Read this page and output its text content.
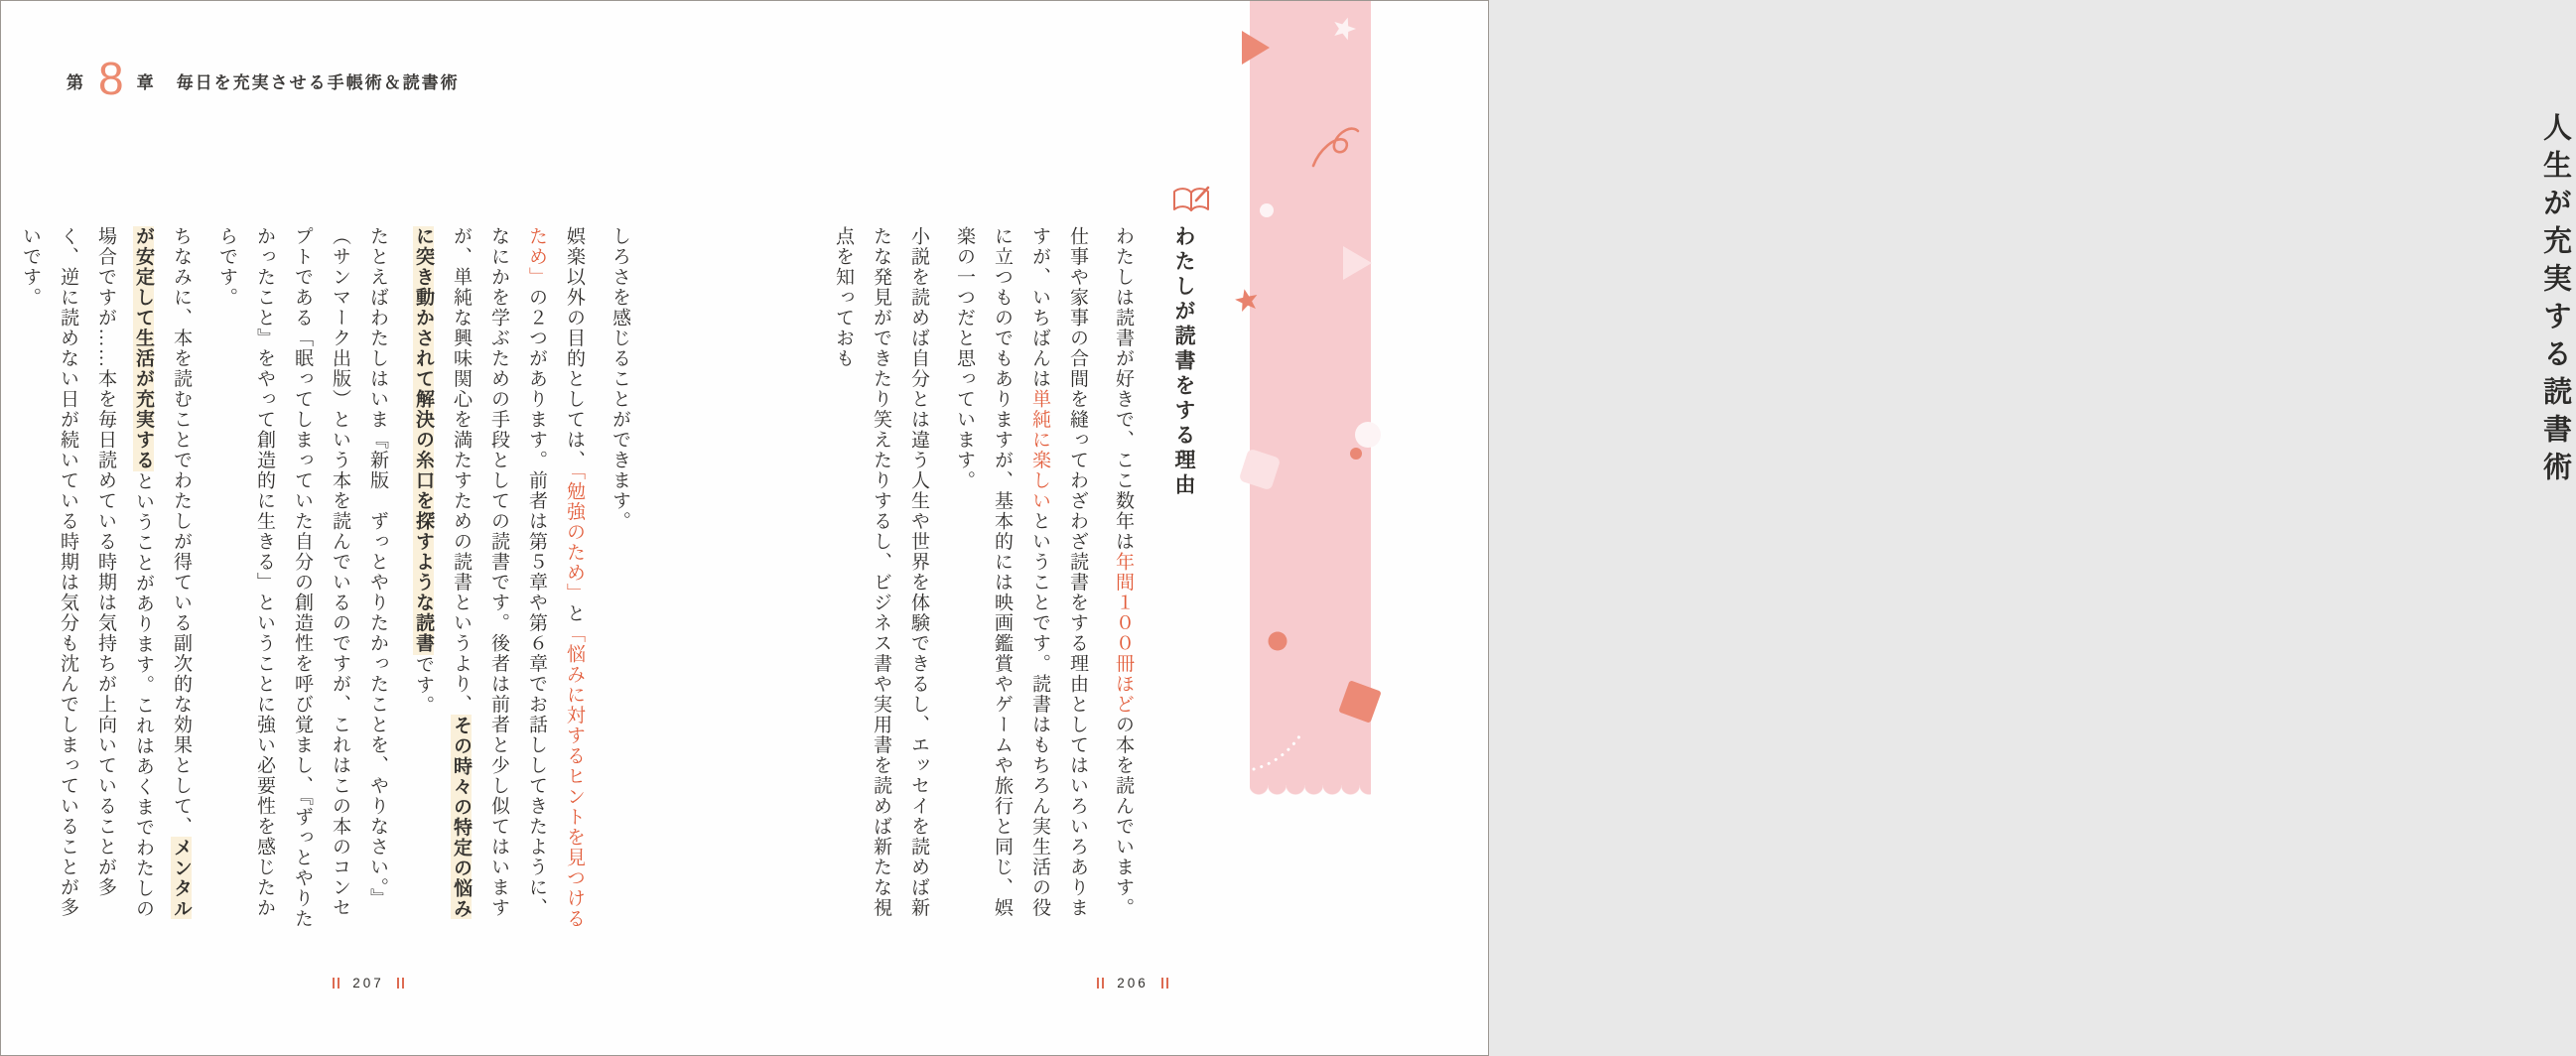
第 8 章 毎日を充実させる手帳術＆読書術
人生が充実する読書術
わたしが読書をする理由

わたしは読書が好きで、ここ数年は年間１００冊ほどの本を読んでいます。

仕事や家事の合間を縫ってわざわざ読書をする理由としてはいろいろありますが、いちばんは単純に楽しいということです。読書はもちろん実生活の役に立つものでもありますが、基本的には映画鑑賞やゲームや旅行と同じ、娯楽の一つだと思っています。

小説を読めば自分とは違う人生や世界を体験できるし、エッセイを読めば新たな発見ができたり笑えたりするし、ビジネス書や実用書を読めば新たな視点を知っておも

しろさを感じることができます。

娯楽以外の目的としては、「勉強のため」と「悩みに対するヒントを見つけるため」の２つがあります。前者は第５章や第６章でお話ししてきたように、なにかを学ぶための手段としての読書です。後者は前者と少し似てはいますが、単純な興味関心を満たすための読書というより、その時々の特定の悩みに突き動かされて解決の糸口を探すような読書です。

たとえばわたしはいま『新版　ずっとやりたかったことを、やりなさい。』（サンマーク出版）という本を読んでいるのですが、これはこの本のコンセプトである「眠ってしまっていた自分の創造性を呼び覚まし、『ずっとやりたかったこと』をやって創造的に生きる」ということに強い必要性を感じたからです。

ちなみに、本を読むことでわたしが得ている副次的な効果として、メンタルが安定して生活が充実するということがあります。これはあくまでわたしの場合ですが……本を毎日読めている時期は気持ちが上向いていることが多く、逆に読めない日が続いている時期は気分も沈んでしまっていることが多いです。

207	206
